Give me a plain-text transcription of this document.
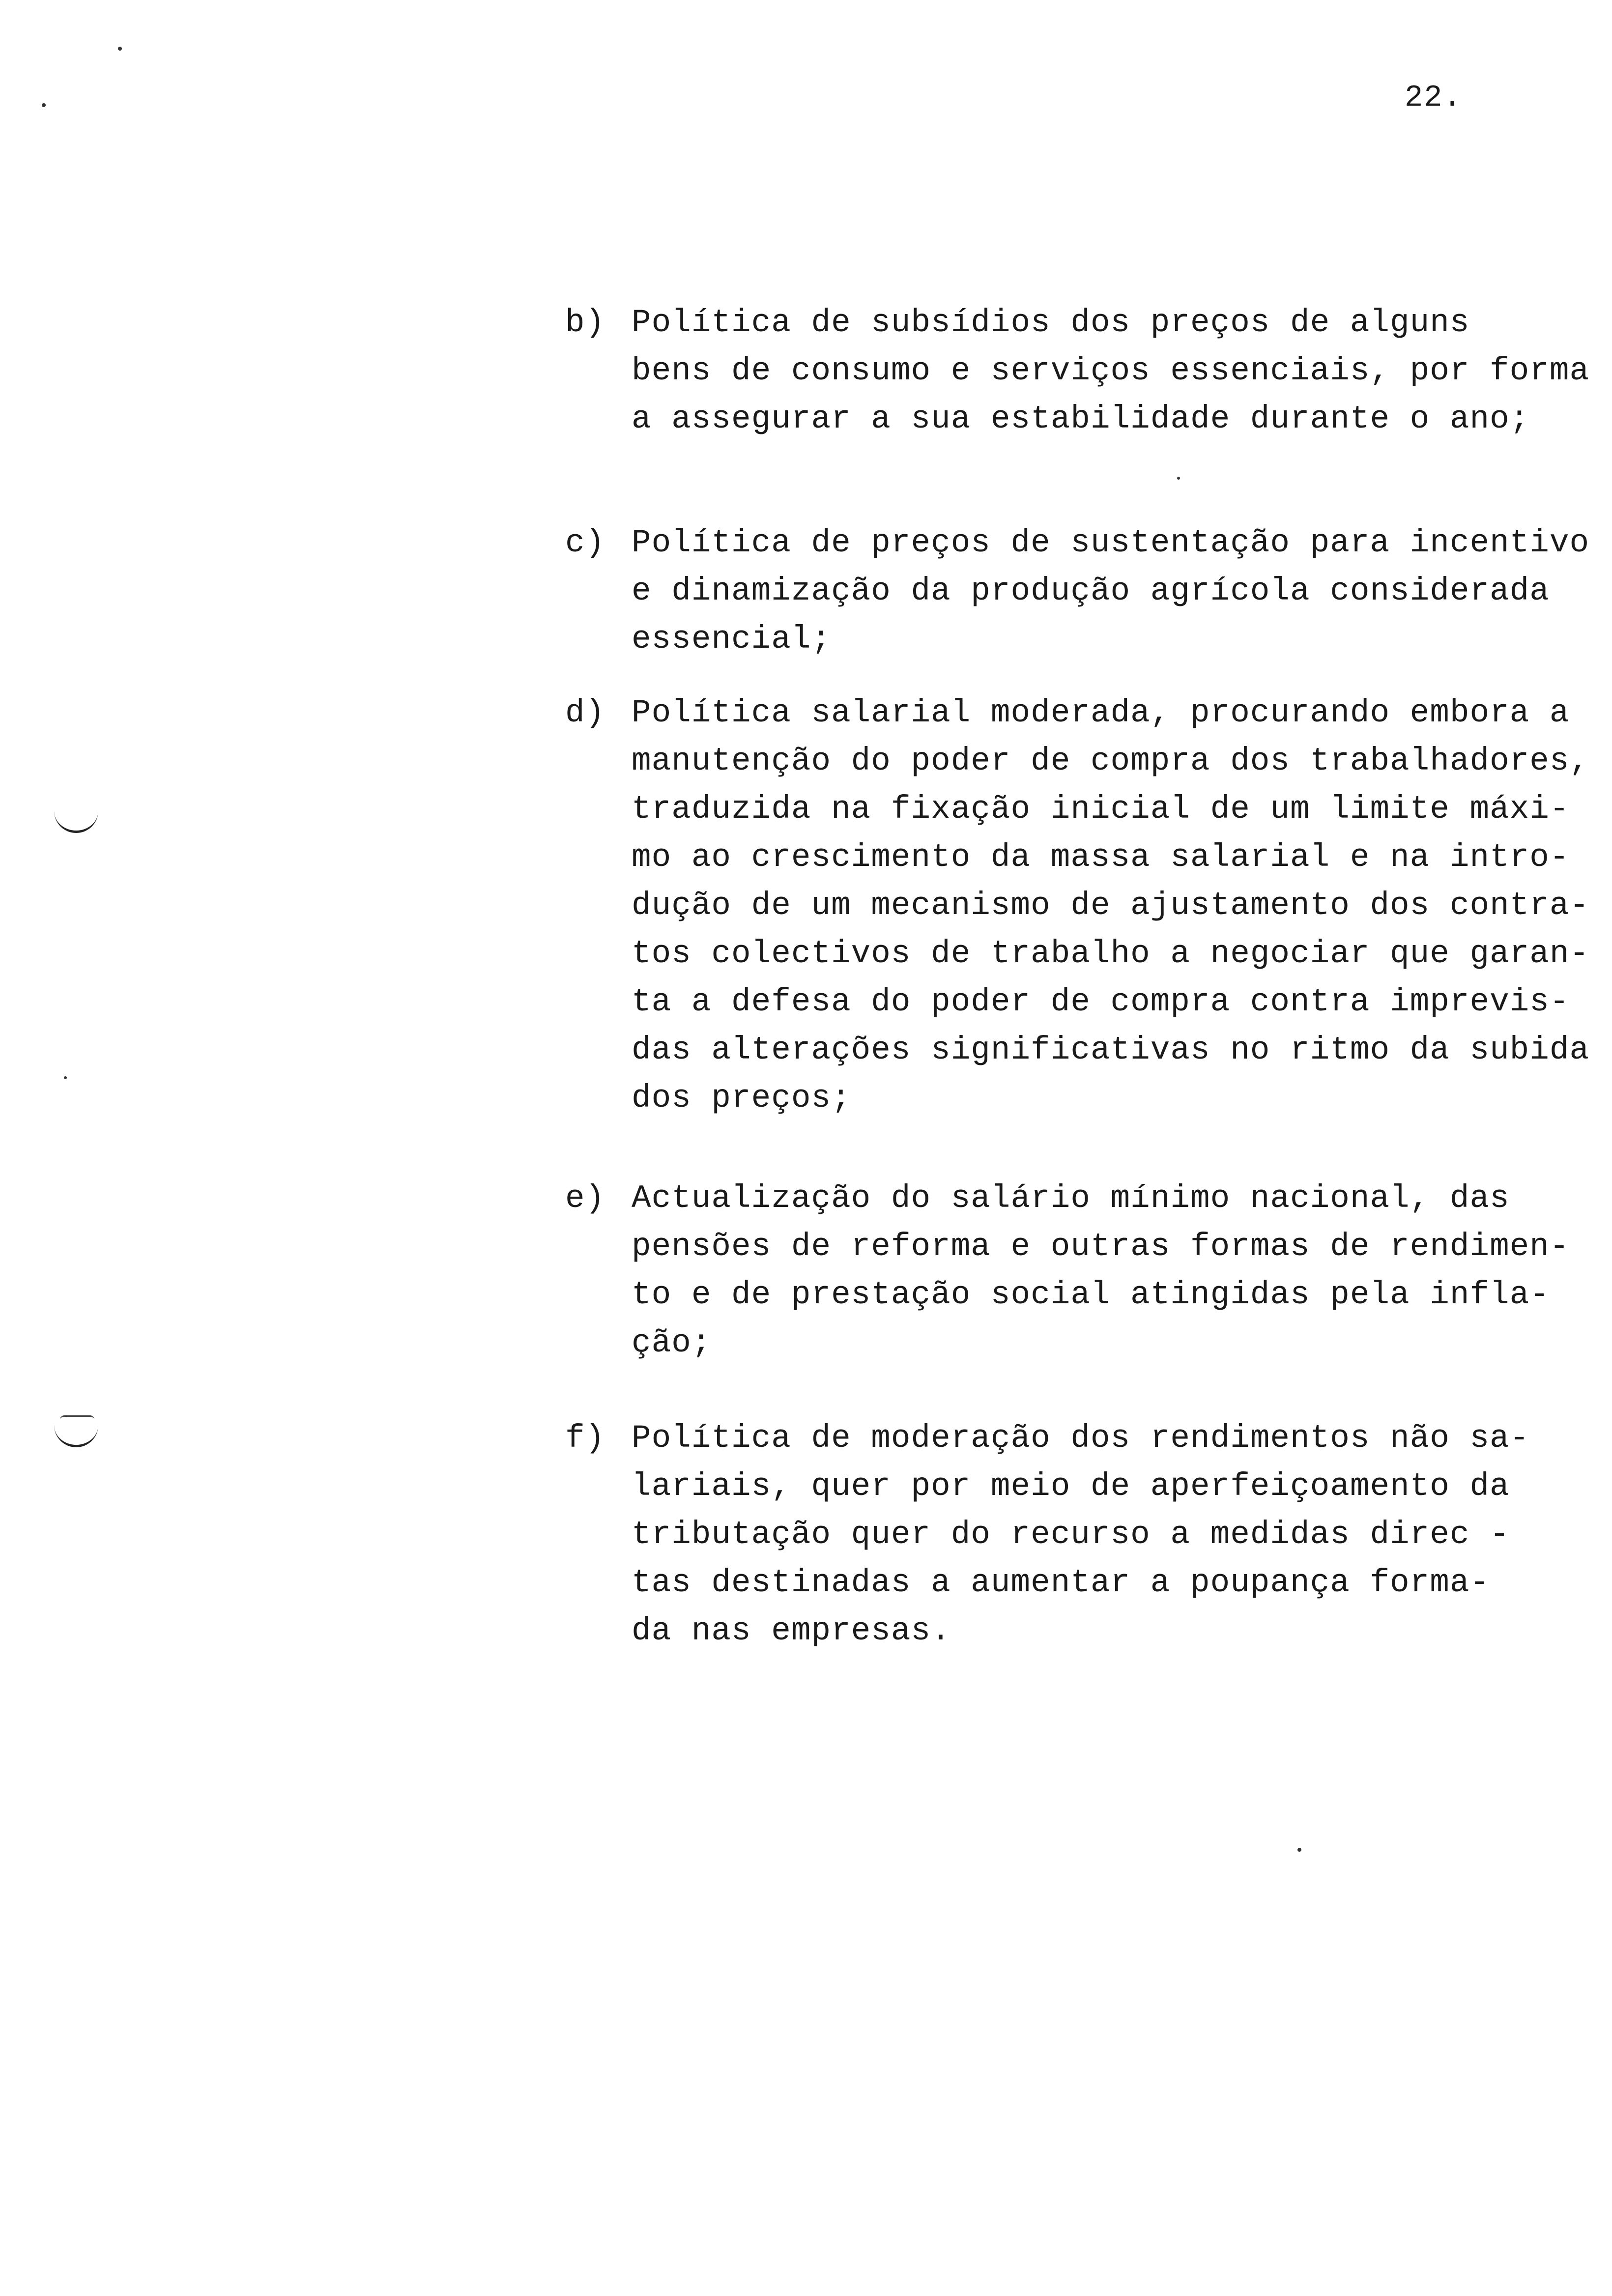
22.
b) Política de subsídios dos preços de alguns
bens de consumo e serviços essenciais, por forma
a assegurar a sua estabilidade durante o ano;
c) Política de preços de sustentação para incentivo
e dinamização da produção agrícola considerada
essencial;
d) Política salarial moderada, procurando embora a
manutenção do poder de compra dos trabalhadores,
traduzida na fixação inicial de um limite máxi-
mo ao crescimento da massa salarial e na intro-
dução de um mecanismo de ajustamento dos contra-
tos colectivos de trabalho a negociar que garan-
ta a defesa do poder de compra contra imprevis-
das alterações significativas no ritmo da subida
dos preços;
e) Actualização do salário mínimo nacional, das
pensões de reforma e outras formas de rendimen-
to e de prestação social atingidas pela infla-
ção;
f) Política de moderação dos rendimentos não sa-
lariais, quer por meio de aperfeiçoamento da
tributação quer do recurso a medidas direc -
tas destinadas a aumentar a poupança forma-
da nas empresas.
